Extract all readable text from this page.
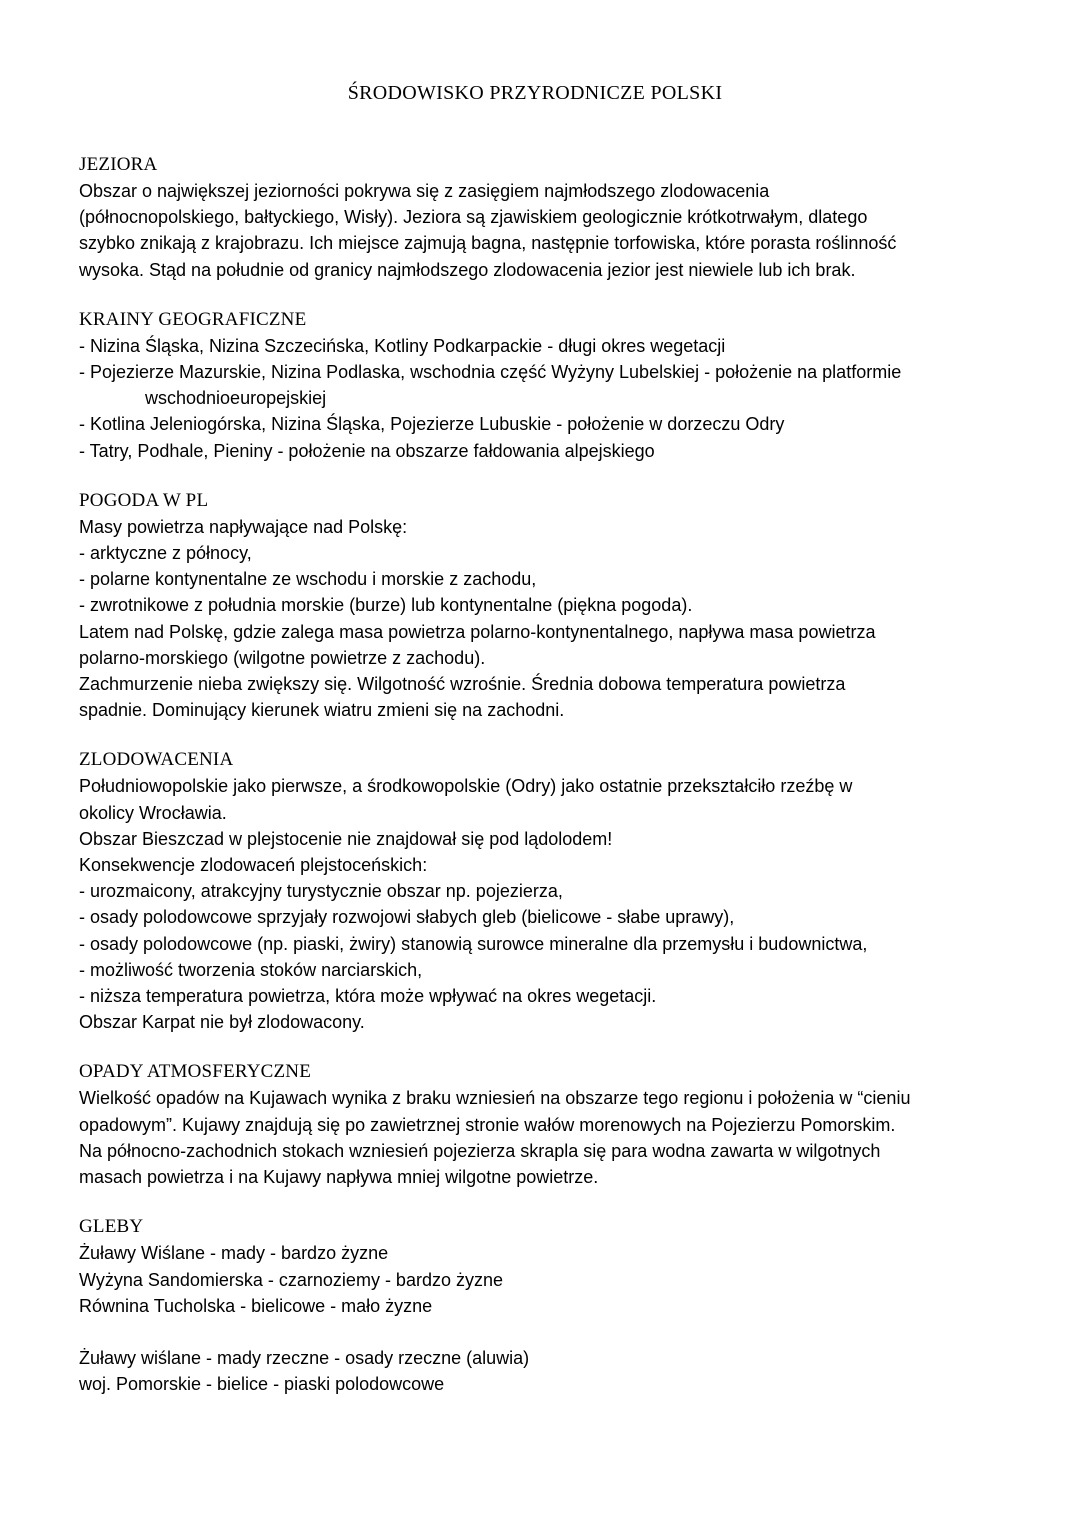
ŚRODOWISKO PRZYRODNICZE POLSKI
JEZIORA

Obszar o największej jeziorności pokrywa się z zasięgiem najmłodszego zlodowacenia

(północnopolskiego, bałtyckiego, Wisły). Jeziora są zjawiskiem geologicznie krótkotrwałym, dlatego

szybko znikają z krajobrazu. Ich miejsce zajmują bagna, następnie torfowiska, które porasta roślinność

wysoka. Stąd na południe od granicy najmłodszego zlodowacenia jezior jest niewiele lub ich brak.

KRAINY GEOGRAFICZNE

- Nizina Śląska, Nizina Szczecińska, Kotliny Podkarpackie - długi okres wegetacji

- Pojezierze Mazurskie, Nizina Podlaska, wschodnia część Wyżyny Lubelskiej - położenie na platformie

wschodnioeuropejskiej

- Kotlina Jeleniogórska, Nizina Śląska, Pojezierze Lubuskie - położenie w dorzeczu Odry

- Tatry, Podhale, Pieniny - położenie na obszarze fałdowania alpejskiego

POGODA W PL

Masy powietrza napływające nad Polskę:

- arktyczne z północy,

- polarne kontynentalne ze wschodu i morskie z zachodu,

- zwrotnikowe z południa morskie (burze) lub kontynentalne (piękna pogoda).

Latem nad Polskę, gdzie zalega masa powietrza polarno-kontynentalnego, napływa masa powietrza

polarno-morskiego (wilgotne powietrze z zachodu).

Zachmurzenie nieba zwiększy się. Wilgotność wzrośnie. Średnia dobowa temperatura powietrza

spadnie. Dominujący kierunek wiatru zmieni się na zachodni.

ZLODOWACENIA

Południowopolskie jako pierwsze, a środkowopolskie (Odry) jako ostatnie przekształciło rzeźbę w

okolicy Wrocławia.

Obszar Bieszczad w plejstocenie nie znajdował się pod lądolodem!

Konsekwencje zlodowaceń plejstoceńskich:

- urozmaicony, atrakcyjny turystycznie obszar np. pojezierza,

- osady polodowcowe sprzyjały rozwojowi słabych gleb (bielicowe - słabe uprawy),

- osady polodowcowe (np. piaski, żwiry) stanowią surowce mineralne dla przemysłu i budownictwa,

- możliwość tworzenia stoków narciarskich,

- niższa temperatura powietrza, która może wpływać na okres wegetacji.

Obszar Karpat nie był zlodowacony.

OPADY ATMOSFERYCZNE

Wielkość opadów na Kujawach wynika z braku wzniesień na obszarze tego regionu i położenia w “cieniu

opadowym”. Kujawy znajdują się po zawietrznej stronie wałów morenowych na Pojezierzu Pomorskim.

Na północno-zachodnich stokach wzniesień pojezierza skrapla się para wodna zawarta w wilgotnych

masach powietrza i na Kujawy napływa mniej wilgotne powietrze.

GLEBY

Żuławy Wiślane - mady - bardzo żyzne

Wyżyna Sandomierska - czarnoziemy - bardzo żyzne

Równina Tucholska - bielicowe - mało żyzne

Żuławy wiślane - mady rzeczne - osady rzeczne (aluwia)

woj. Pomorskie - bielice - piaski polodowcowe
